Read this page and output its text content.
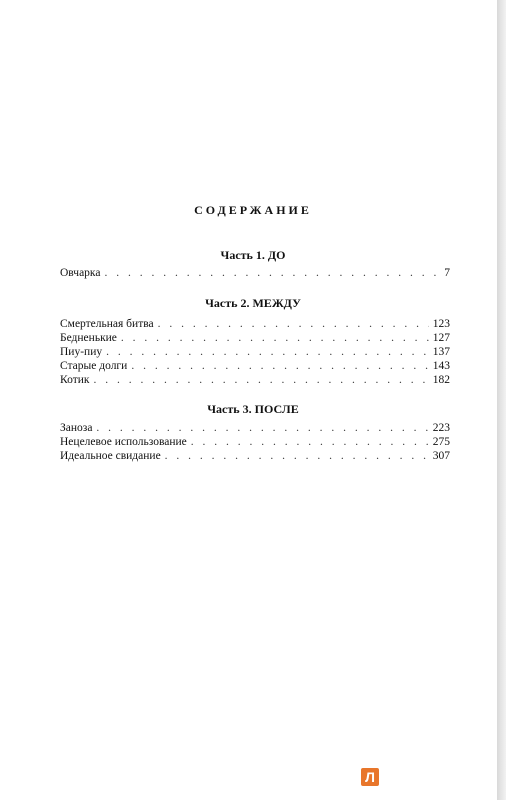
СОДЕРЖАНИЕ
Часть 1. ДО
Овчарка . . .	7
Часть 2. МЕЖДУ
Смертельная битва . . .	123
Бедненькие . . .	127
Пиу-пиу . . .	137
Старые долги . . .	143
Котик . . .	182
Часть 3. ПОСЛЕ
Заноза . . .	223
Нецелевое использование . . .	275
Идеальное свидание . . .	307
Л
